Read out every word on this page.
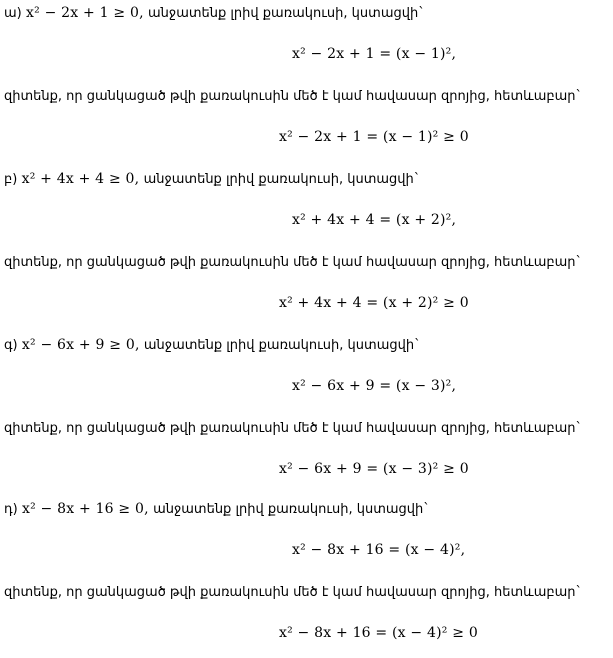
ա) x² − 2x + 1 ≥ 0, անջատենք լրիվ քառակուսի, կստացվի`
x² − 2x + 1 = (x − 1)²,
զիտենք, որ ցանկացած թվի քառակուսին մեծ է կամ հավասար զրոյից, հետևաբար`
x² − 2x + 1 = (x − 1)² ≥ 0
բ) x² + 4x + 4 ≥ 0, անջատենք լրիվ քառակուսի, կստացվի`
x² + 4x + 4 = (x + 2)²,
զիտենք, որ ցանկացած թվի քառակուսին մեծ է կամ հավասար զրոյից, հետևաբար`
x² + 4x + 4 = (x + 2)² ≥ 0
գ) x² − 6x + 9 ≥ 0, անջատենք լրիվ քառակուսի, կստացվի`
x² − 6x + 9 = (x − 3)²,
զիտենք, որ ցանկացած թվի քառակուսին մեծ է կամ հավասար զրոյից, հետևաբար`
x² − 6x + 9 = (x − 3)² ≥ 0
դ) x² − 8x + 16 ≥ 0, անջատենք լրիվ քառակուսի, կստացվի`
x² − 8x + 16 = (x − 4)²,
զիտենք, որ ցանկացած թվի քառակուսին մեծ է կամ հավասար զրոյից, հետևաբար`
x² − 8x + 16 = (x − 4)² ≥ 0
